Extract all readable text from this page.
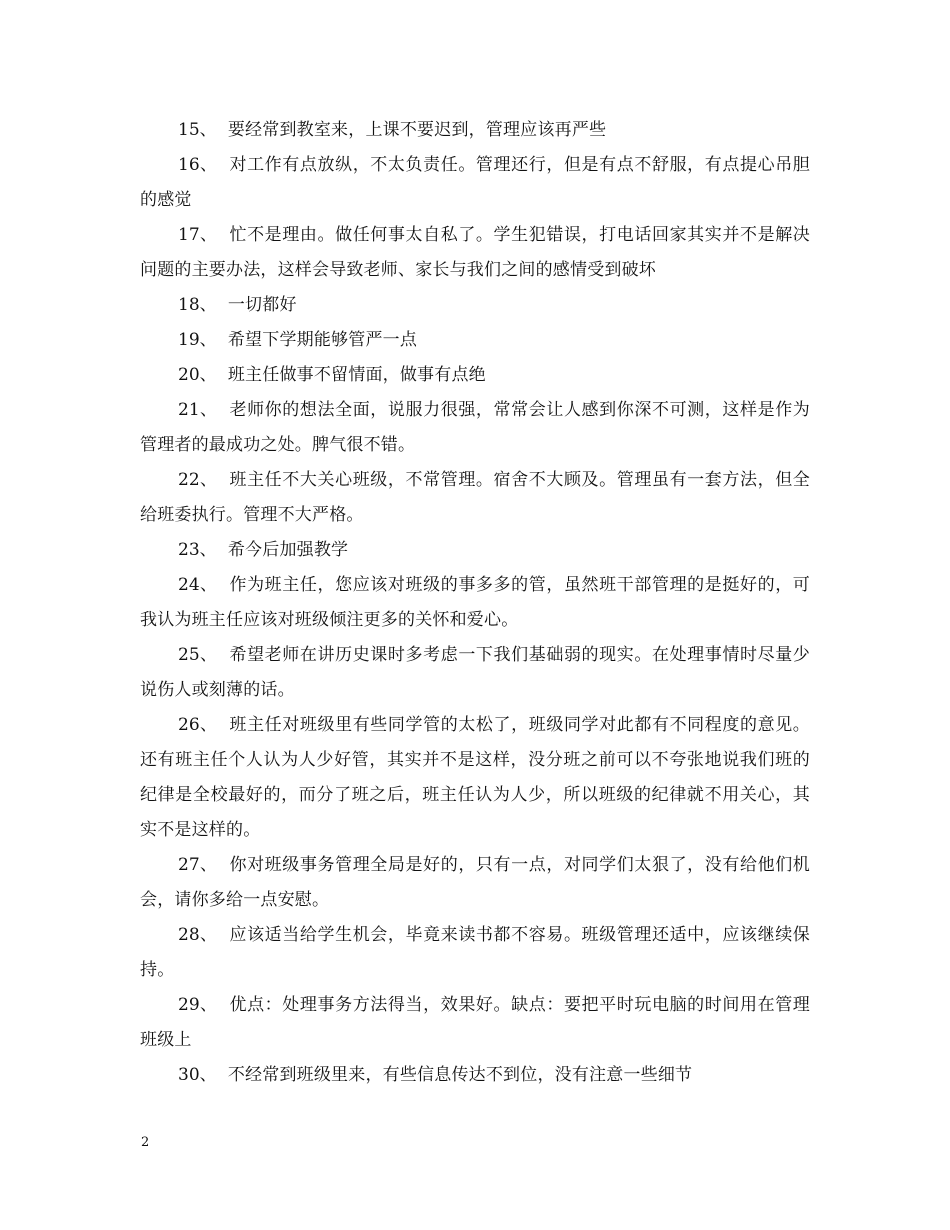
15、  要经常到教室来，上课不要迟到，管理应该再严些

16、  对工作有点放纵，不太负责任。管理还行，但是有点不舒服，有点提心吊胆的感觉

17、  忙不是理由。做任何事太自私了。学生犯错误，打电话回家其实并不是解决问题的主要办法，这样会导致老师、家长与我们之间的感情受到破坏

18、  一切都好

19、  希望下学期能够管严一点

20、  班主任做事不留情面，做事有点绝

21、  老师你的想法全面，说服力很强，常常会让人感到你深不可测，这样是作为管理者的最成功之处。脾气很不错。

22、  班主任不大关心班级，不常管理。宿舍不大顾及。管理虽有一套方法，但全给班委执行。管理不大严格。

23、  希今后加强教学

24、  作为班主任，您应该对班级的事多多的管，虽然班干部管理的是挺好的，可我认为班主任应该对班级倾注更多的关怀和爱心。

25、  希望老师在讲历史课时多考虑一下我们基础弱的现实。在处理事情时尽量少说伤人或刻薄的话。

26、  班主任对班级里有些同学管的太松了，班级同学对此都有不同程度的意见。还有班主任个人认为人少好管，其实并不是这样，没分班之前可以不夸张地说我们班的纪律是全校最好的，而分了班之后，班主任认为人少，所以班级的纪律就不用关心，其实不是这样的。

27、  你对班级事务管理全局是好的，只有一点，对同学们太狠了，没有给他们机会，请你多给一点安慰。

28、  应该适当给学生机会，毕竟来读书都不容易。班级管理还适中，应该继续保持。

29、  优点：处理事务方法得当，效果好。缺点：要把平时玩电脑的时间用在管理班级上

30、  不经常到班级里来，有些信息传达不到位，没有注意一些细节

2
